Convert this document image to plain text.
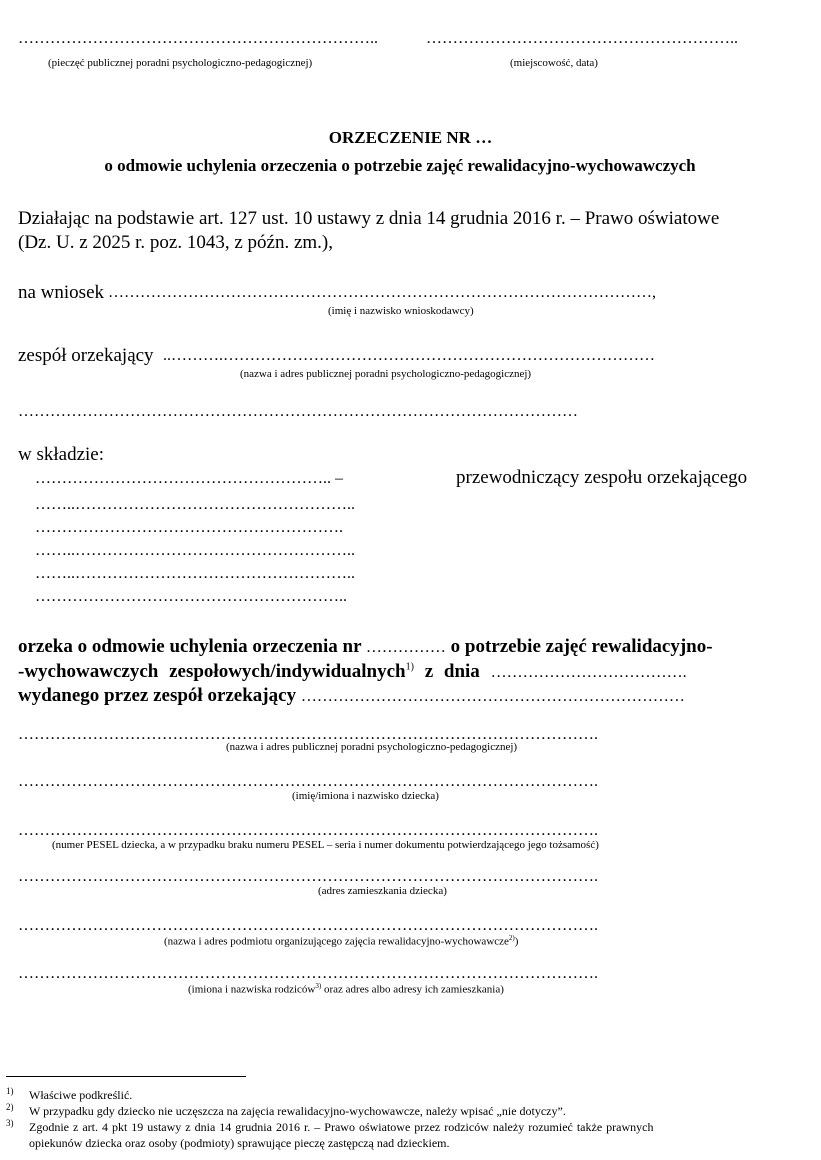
…………………………………………………………..
(pieczęć publicznej poradni psychologiczno-pedagogicznej)
…………………………………………………..
(miejscowość, data)
ORZECZENIE NR …
o odmowie uchylenia orzeczenia o potrzebie zajęć rewalidacyjno-wychowawczych
Działając na podstawie art. 127 ust. 10 ustawy z dnia 14 grudnia 2016 r. – Prawo oświatowe
(Dz. U. z 2025 r. poz. 1043, z późn. zm.),
na wniosek …………………………………………………………………………………………,
(imię i nazwisko wnioskodawcy)
zespół orzekający ..……….………………………………………………………………………
(nazwa i adres publicznej poradni psychologiczno-pedagogicznej)
……………………………………………………………………………………………
w składzie:
……………………………………………….. –	przewodniczący zespołu orzekającego
……..……………………………………………..
………………………………………………….
……..……………………………………………..
……..……………………………………………..
…………………………………………………..
orzeka o odmowie uchylenia orzeczenia nr …………… o potrzebie zajęć rewalidacyjno-
-wychowawczych zespołowych/indywidualnych$^{1)}$ z dnia ……………………………….
wydanego przez zespół orzekający ………………………………………………………………
……………………………………………………………………………………………….
(nazwa i adres publicznej poradni psychologiczno-pedagogicznej)
……………………………………………………………………………………………….
(imię/imiona i nazwisko dziecka)
……………………………………………………………………………………………….
(numer PESEL dziecka, a w przypadku braku numeru PESEL – seria i numer dokumentu potwierdzającego jego tożsamość)
……………………………………………………………………………………………….
(adres zamieszkania dziecka)
……………………………………………………………………………………………….
(nazwa i adres podmiotu organizującego zajęcia rewalidacyjno-wychowawcze$^{2)}$)
……………………………………………………………………………………………….
(imiona i nazwiska rodziców$^{3)}$ oraz adres albo adresy ich zamieszkania)
1) Właściwe podkreślić.
2) W przypadku gdy dziecko nie uczęszcza na zajęcia rewalidacyjno-wychowawcze, należy wpisać „nie dotyczy”.
3) Zgodnie z art. 4 pkt 19 ustawy z dnia 14 grudnia 2016 r. – Prawo oświatowe przez rodziców należy rozumieć także prawnych
opiekunów dziecka oraz osoby (podmioty) sprawujące pieczę zastępczą nad dzieckiem.
